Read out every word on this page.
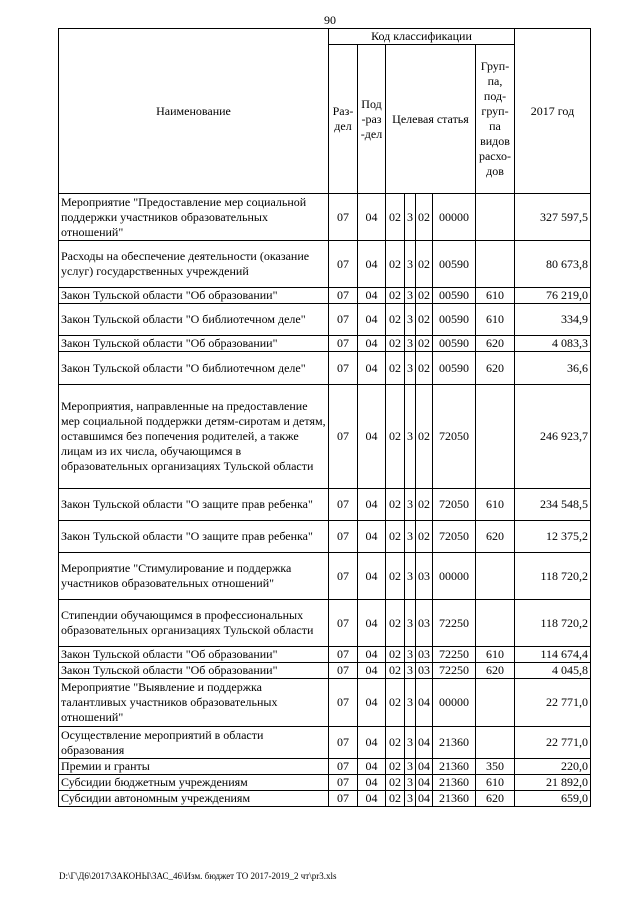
90
Наименование	Код классификации							2017 год

	Раз-дел	Под-раз-дел	Целевая статья				Груп-па, под-груп-па видов расхо-дов	

Мероприятие "Предоставление мер социальной поддержки участников образовательных отношений"	07	04	02	3	02	00000		327 597,5
Расходы на обеспечение деятельности (оказание услуг) государственных учреждений	07	04	02	3	02	00590		80 673,8
Закон Тульской области "Об образовании"	07	04	02	3	02	00590	610	76 219,0
Закон Тульской области "О библиотечном деле"	07	04	02	3	02	00590	610	334,9
Закон Тульской области "Об образовании"	07	04	02	3	02	00590	620	4 083,3
Закон Тульской области "О библиотечном деле"	07	04	02	3	02	00590	620	36,6
Мероприятия, направленные на предоставление мер социальной поддержки детям-сиротам и детям, оставшимся без попечения родителей, а также лицам из их числа, обучающимся в образовательных организациях Тульской области	07	04	02	3	02	72050		246 923,7
Закон Тульской области "О защите прав ребенка"	07	04	02	3	02	72050	610	234 548,5
Закон Тульской области "О защите прав ребенка"	07	04	02	3	02	72050	620	12 375,2
Мероприятие "Стимулирование и поддержка участников образовательных отношений"	07	04	02	3	03	00000		118 720,2
Стипендии обучающимся в профессиональных образовательных организациях Тульской области	07	04	02	3	03	72250		118 720,2
Закон Тульской области "Об образовании"	07	04	02	3	03	72250	610	114 674,4
Закон Тульской области "Об образовании"	07	04	02	3	03	72250	620	4 045,8
Мероприятие "Выявление и поддержка талантливых участников образовательных отношений"	07	04	02	3	04	00000		22 771,0
Осуществление мероприятий в области образования	07	04	02	3	04	21360		22 771,0
Премии и гранты	07	04	02	3	04	21360	350	220,0
Субсидии бюджетным учреждениям	07	04	02	3	04	21360	610	21 892,0
Субсидии автономным учреждениям	07	04	02	3	04	21360	620	659,0
D:\Г\Д6\2017\ЗАКОНЫ\ЗАС_46\Изм. бюджет ТО 2017-2019_2 чт\pr3.xls
